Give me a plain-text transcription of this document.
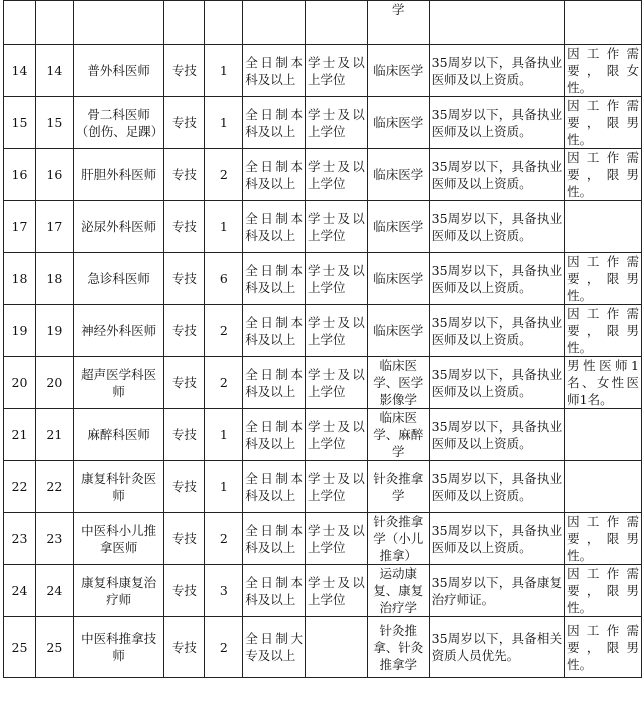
							学		
14	14	普外科医师	专技	1	全日制本科及以上	学士及以上学位	临床医学	35周岁以下，具备执业医师及以上资质。	因工作需要，限女性。
15	15	骨二科医师（创伤、足踝）	专技	1	全日制本科及以上	学士及以上学位	临床医学	35周岁以下，具备执业医师及以上资质。	因工作需要，限男性。
16	16	肝胆外科医师	专技	2	全日制本科及以上	学士及以上学位	临床医学	35周岁以下，具备执业医师及以上资质。	因工作需要，限男性。
17	17	泌尿外科医师	专技	1	全日制本科及以上	学士及以上学位	临床医学	35周岁以下，具备执业医师及以上资质。	
18	18	急诊科医师	专技	6	全日制本科及以上	学士及以上学位	临床医学	35周岁以下，具备执业医师及以上资质。	因工作需要，限男性。
19	19	神经外科医师	专技	2	全日制本科及以上	学士及以上学位	临床医学	35周岁以下，具备执业医师及以上资质。	因工作需要，限男性。
20	20	超声医学科医师	专技	2	全日制本科及以上	学士及以上学位	临床医学、医学影像学	35周岁以下，具备执业医师及以上资质。	男性医师1名、女性医师1名。
21	21	麻醉科医师	专技	1	全日制本科及以上	学士及以上学位	临床医学、麻醉学	35周岁以下，具备执业医师及以上资质。	
22	22	康复科针灸医师	专技	1	全日制本科及以上	学士及以上学位	针灸推拿学	35周岁以下，具备执业医师及以上资质。	
23	23	中医科小儿推拿医师	专技	2	全日制本科及以上	学士及以上学位	针灸推拿学（小儿推拿）	35周岁以下，具备执业医师及以上资质。	因工作需要，限男性。
24	24	康复科康复治疗师	专技	3	全日制本科及以上	学士及以上学位	运动康复、康复治疗学	35周岁以下，具备康复治疗师证。	因工作需要，限男性。
25	25	中医科推拿技师	专技	2	全日制大专及以上		针灸推拿、针灸推拿学	35周岁以下，具备相关资质人员优先。	因工作需要，限男性。
